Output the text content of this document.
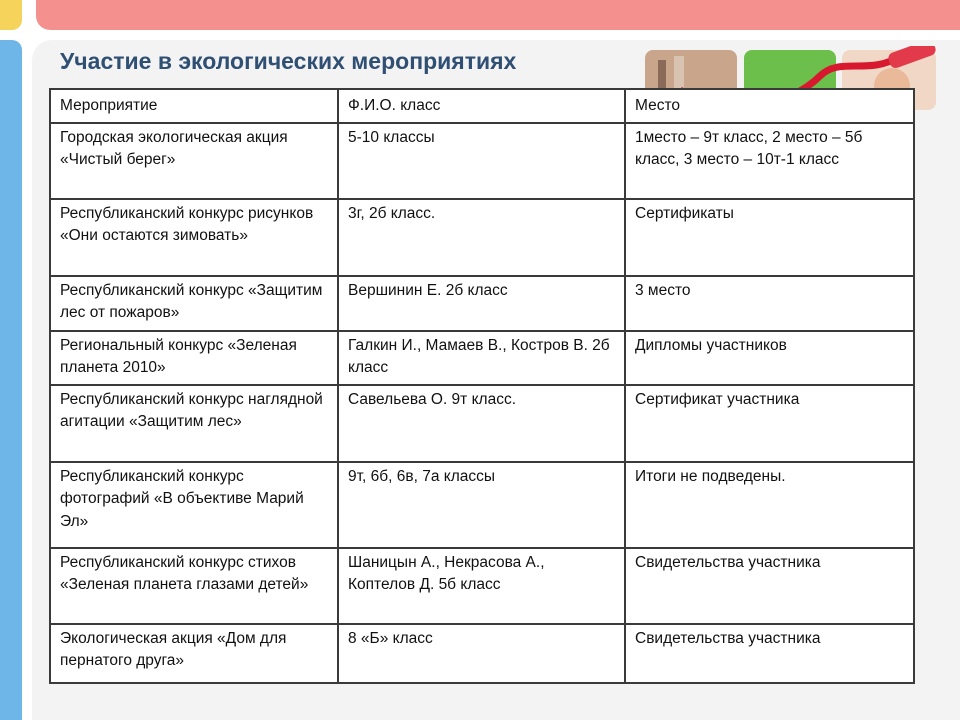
Участие в экологических мероприятиях
Мероприятие	Ф.И.О. класс	Место
Городская экологическая акция «Чистый берег»	5-10 классы	1место – 9т класс, 2 место – 5б класс, 3 место – 10т-1 класс
Республиканский конкурс рисунков «Они остаются зимовать»	3г, 2б класс.	Сертификаты
Республиканский конкурс «Защитим лес от пожаров»	Вершинин Е. 2б класс	3 место
Региональный конкурс «Зеленая планета 2010»	Галкин И., Мамаев В., Костров В. 2б класс	Дипломы участников
Республиканский конкурс наглядной агитации «Защитим лес»	Савельева О. 9т класс.	Сертификат участника
Республиканский конкурс фотографий «В объективе Марий Эл»	9т, 6б, 6в, 7а классы	Итоги не подведены.
Республиканский конкурс стихов «Зеленая планета глазами детей»	Шаницын А., Некрасова А., Коптелов Д. 5б класс	Свидетельства участника
Экологическая акция «Дом для пернатого друга»	8 «Б» класс	Свидетельства участника
